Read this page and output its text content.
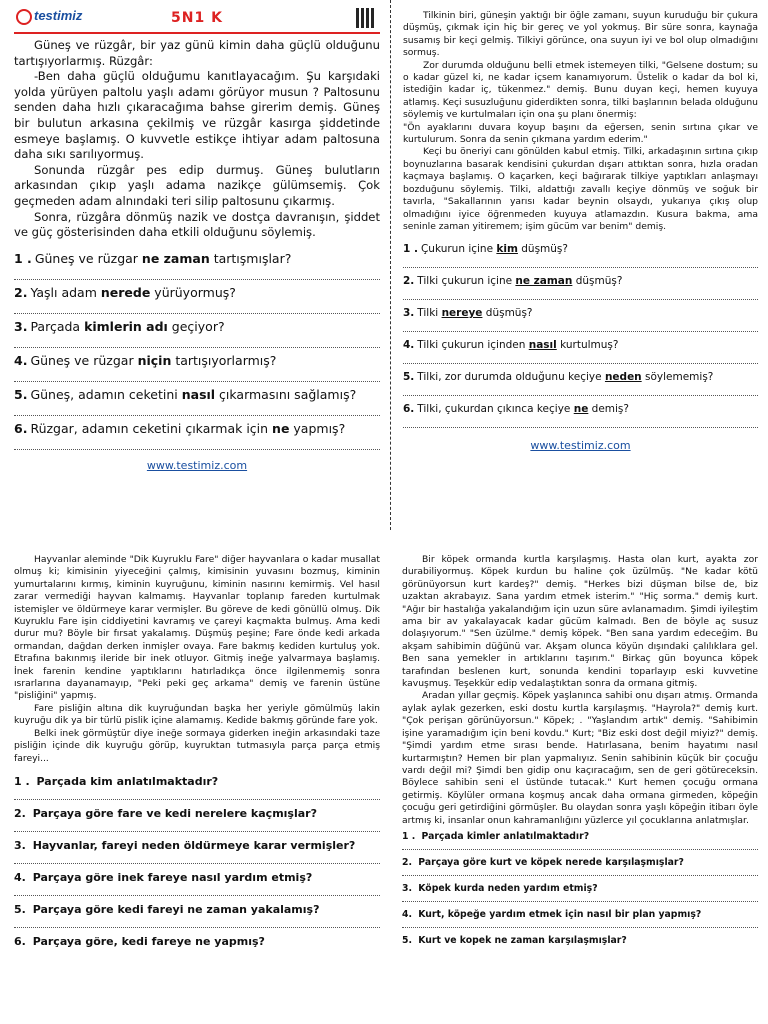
testimiz	5N1 K

Güneş ve rüzgâr, bir yaz günü kimin daha güçlü olduğunu tartışıyorlarmış. Rüzgâr:

-Ben daha güçlü olduğumu kanıtlayacağım. Şu karşıdaki yolda yürüyen paltolu yaşlı adamı görüyor musun ? Paltosunu senden daha hızlı çıkaracağıma bahse girerim demiş. Güneş bir bulutun arkasına çekilmiş ve rüzgâr kasırga şiddetinde esmeye başlamış. O kuvvetle estikçe ihtiyar adam paltosuna daha sıkı sarılıyormuş.

Sonunda rüzgâr pes edip durmuş. Güneş bulutların arkasından çıkıp yaşlı adama nazikçe gülümsemiş. Çok geçmeden adam alnındaki teri silip paltosunu çıkarmış.

Sonra, rüzgâra dönmüş nazik ve dostça davranışın, şiddet ve güç gösterisinden daha etkili olduğunu söylemiş.

1 . Güneş ve rüzgar ne zaman tartışmışlar?
2. Yaşlı adam nerede yürüyormuş?
3. Parçada kimlerin adı geçiyor?
4. Güneş ve rüzgar niçin tartışıyorlarmış?
5. Güneş, adamın ceketini nasıl çıkarmasını sağlamış?
6. Rüzgar, adamın ceketini çıkarmak için ne yapmış?
www.testimiz.com

Tilkinin biri, güneşin yaktığı bir öğle zamanı, suyun kuruduğu bir çukura düşmüş, çıkmak için hiç bir gereç ve yol yokmuş. Bir süre sonra, kaynağa susamış bir keçi gelmiş. Tilkiyi görünce, ona suyun iyi ve bol olup olmadığını sormuş.

Zor durumda olduğunu belli etmek istemeyen tilki, "Gelsene dostum; su o kadar güzel ki, ne kadar içsem kanamıyorum. Üstelik o kadar da bol ki, istediğin kadar iç, tükenmez." demiş. Bunu duyan keçi, hemen kuyuya atlamış. Keçi susuzluğunu giderdikten sonra, tilki başlarının belada olduğunu söylemiş ve kurtulmaları için ona şu planı önermiş:

"Ön ayaklarını duvara koyup başını da eğersen, senin sırtına çıkar ve kurtulurum. Sonra da senin çıkmana yardım ederim."

Keçi bu öneriyi canı gönülden kabul etmiş. Tilki, arkadaşının sırtına çıkıp boynuzlarına basarak kendisini çukurdan dışarı attıktan sonra, hızla oradan kaçmaya başlamış. O kaçarken, keçi bağırarak tilkiye yaptıkları anlaşmayı bozduğunu söylemiş. Tilki, aldattığı zavallı keçiye dönmüş ve soğuk bir tavırla, "Sakallarının yarısı kadar beynin olsaydı, yukarıya çıkış olup olmadığını iyice öğrenmeden kuyuya atlamazdın. Kusura bakma, ama seninle zaman yitiremem; işim gücüm var benim" demiş.

1 . Çukurun içine kim düşmüş?
2. Tilki çukurun içine ne zaman düşmüş?
3. Tilki nereye düşmüş?
4. Tilki çukurun içinden nasıl kurtulmuş?
5. Tilki, zor durumda olduğunu keçiye neden söylememiş?
6. Tilki, çukurdan çıkınca keçiye ne demiş?
www.testimiz.com

Hayvanlar aleminde "Dik Kuyruklu Fare" diğer hayvanlara o kadar musallat olmuş ki; kimisinin yiyeceğini çalmış, kimisinin yuvasını bozmuş, kiminin yumurtalarını kırmış, kiminin kuyruğunu, kiminin nasırını kemirmiş. Vel hasıl zarar vermediği hayvan kalmamış. Hayvanlar toplanıp fareden kurtulmak istemişler ve öldürmeye karar vermişler. Bu göreve de kedi gönüllü olmuş. Dik Kuyruklu Fare işin ciddiyetini kavramış ve çareyi kaçmakta bulmuş. Ama kedi durur mu? Böyle bir fırsat yakalamış. Düşmüş peşine; Fare önde kedi arkada ormandan, dağdan derken inmişler ovaya. Fare bakmış kediden kurtuluş yok. Etrafına bakınmış ileride bir inek otluyor. Gitmiş ineğe yalvarmaya başlamış. İnek farenin kendine yaptıklarını hatırladıkça önce ilgilenmemiş sonra ısrarlarına dayanamayıp, "Peki peki geç arkama" demiş ve farenin üstüne "pisliğini" yapmış.

Fare pisliğin altına dik kuyruğundan başka her yeriyle gömülmüş lakin kuyruğu dik ya bir türlü pislik içine alamamış. Kedide bakmış göründe fare yok.

Belki inek görmüştür diye ineğe sormaya giderken ineğin arkasındaki taze pisliğin içinde dik kuyruğu görüp, kuyruktan tutmasıyla parça parça etmiş fareyi...

1 . Parçada kim anlatılmaktadır?
2. Parçaya göre fare ve kedi nerelere kaçmışlar?
3. Hayvanlar, fareyi neden öldürmeye karar vermişler?
4. Parçaya göre inek fareye nasıl yardım etmiş?
5. Parçaya göre kedi fareyi ne zaman yakalamış?
6. Parçaya göre, kedi fareye ne yapmış?

Bir köpek ormanda kurtla karşılaşmış. Hasta olan kurt, ayakta zor durabiliyormuş. Köpek kurdun bu haline çok üzülmüş. "Ne kadar kötü görünüyorsun kurt kardeş?" demiş. "Herkes bizi düşman bilse de, biz uzaktan akrabayız. Sana yardım etmek isterim." "Hiç sorma." demiş kurt. "Ağır bir hastalığa yakalandığım için uzun süre avlanamadım. Şimdi iyileştim ama bir av yakalayacak kadar gücüm kalmadı. Ben de böyle aç susuz dolaşıyorum." "Sen üzülme." demiş köpek. "Ben sana yardım edeceğim. Bu akşam sahibimin düğünü var. Akşam olunca köyün dışındaki çalılıklara gel. Ben sana yemekler in artıklarını taşırım." Birkaç gün boyunca köpek tarafından beslenen kurt, sonunda kendini toparlayıp eski kuvvetine kavuşmuş. Teşekkür edip vedalaştıktan sonra da ormana gitmiş.

Aradan yıllar geçmiş. Köpek yaşlanınca sahibi onu dışarı atmış. Ormanda aylak aylak gezerken, eski dostu kurtla karşılaşmış. "Hayrola?" demiş kurt. "Çok perişan görünüyorsun." Köpek; . "Yaşlandım artık" demiş. "Sahibimin işine yaramadığım için beni kovdu." Kurt; "Biz eski dost değil miyiz?" demiş. "Şimdi yardım etme sırası bende. Hatırlasana, benim hayatımı nasıl kurtarmıştın? Hemen bir plan yapmalıyız. Senin sahibinin küçük bir çocuğu vardı değil mi? Şimdi ben gidip onu kaçıracağım, sen de geri götüreceksin. Böylece sahibin seni el üstünde tutacak." Kurt hemen çocuğu ormana getirmiş. Köylüler ormana koşmuş ancak daha ormana girmeden, köpeğin çocuğu geri getirdiğini görmüşler. Bu olaydan sonra yaşlı köpeğin itibarı öyle artmış ki, insanlar onun kahramanlığını yüzlerce yıl çocuklarına anlatmışlar.

1 . Parçada kimler anlatılmaktadır?
2. Parçaya göre kurt ve köpek nerede karşılaşmışlar?
3. Köpek kurda neden yardım etmiş?
4. Kurt, köpeğe yardım etmek için nasıl bir plan yapmış?
5. Kurt ve kopek ne zaman karşılaşmışlar?
